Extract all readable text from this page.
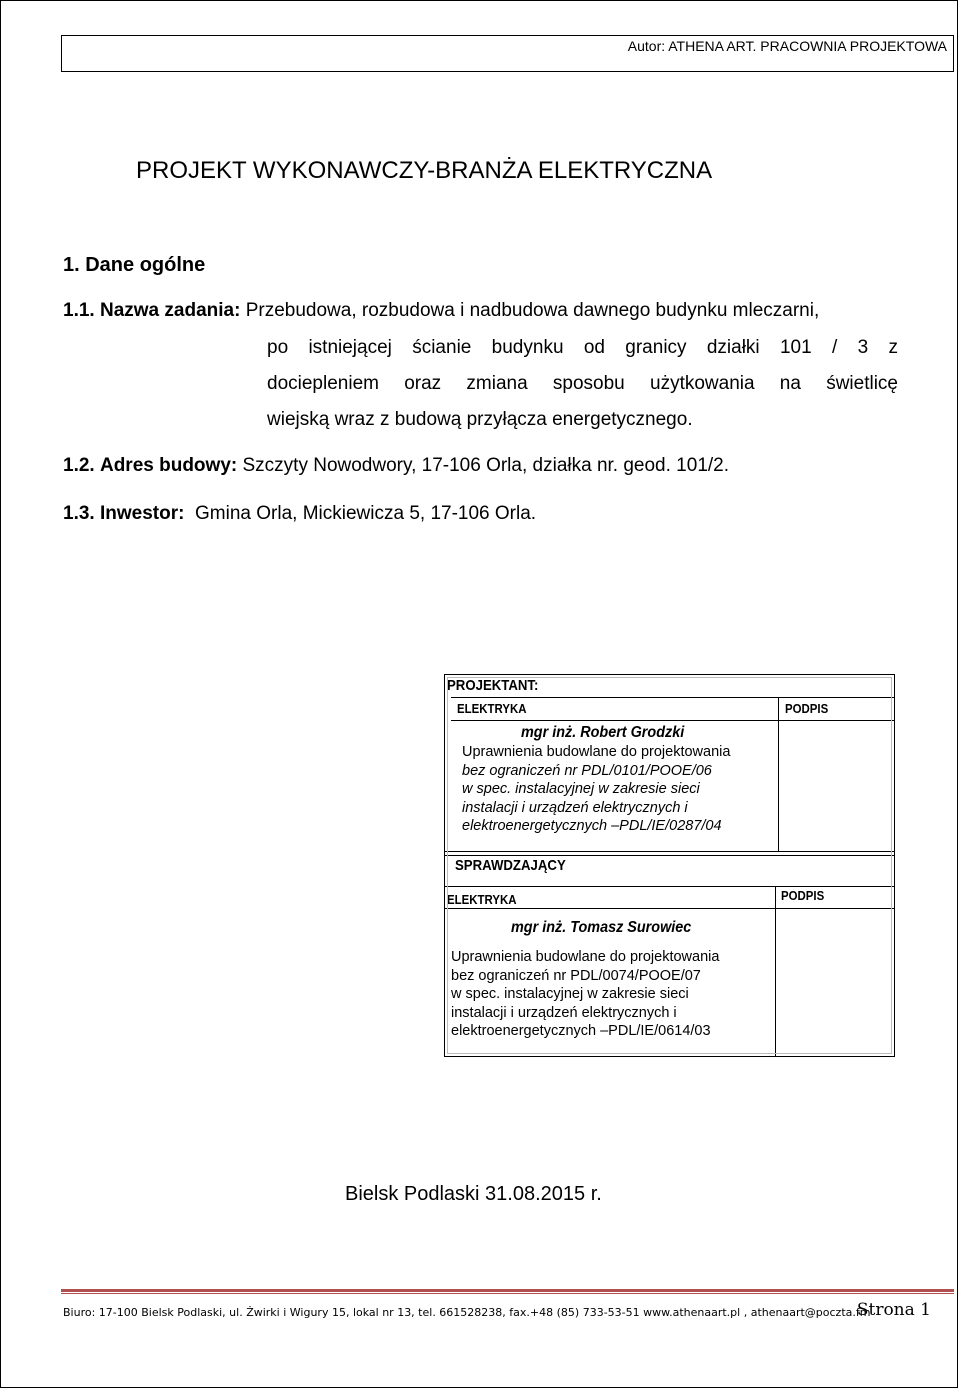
Autor: ATHENA ART. PRACOWNIA PROJEKTOWA
PROJEKT WYKONAWCZY-BRANŻA ELEKTRYCZNA
1. Dane ogólne
1.1. Nazwa zadania: Przebudowa, rozbudowa i nadbudowa dawnego budynku mleczarni,
po istniejącej ścianie budynku od granicy działki 101 / 3 z
dociepleniem oraz zmiana sposobu użytkowania na świetlicę
wiejską wraz z budową przyłącza energetycznego.
1.2. Adres budowy: Szczyty Nowodwory, 17-106 Orla, działka nr. geod. 101/2.
1.3. Inwestor: Gmina Orla, Mickiewicza 5, 17-106 Orla.
PROJEKTANT:
ELEKTRYKA	PODPIS
mgr inż. Robert Grodzki
Uprawnienia budowlane do projektowania
bez ograniczeń nr PDL/0101/POOE/06
w spec. instalacyjnej w zakresie sieci
instalacji i urządzeń elektrycznych i
elektroenergetycznych –PDL/IE/0287/04
SPRAWDZAJĄCY
ELEKTRYKA	PODPIS
mgr inż. Tomasz Surowiec
Uprawnienia budowlane do projektowania
bez ograniczeń nr PDL/0074/POOE/07
w spec. instalacyjnej w zakresie sieci
instalacji i urządzeń elektrycznych i
elektroenergetycznych –PDL/IE/0614/03
Bielsk Podlaski 31.08.2015 r.
Biuro: 17-100 Bielsk Podlaski, ul. Żwirki i Wigury 15, lokal nr 13, tel. 661528238, fax.+48 (85) 733-53-51 www.athenaart.pl , athenaart@poczta.fm
Strona 1
